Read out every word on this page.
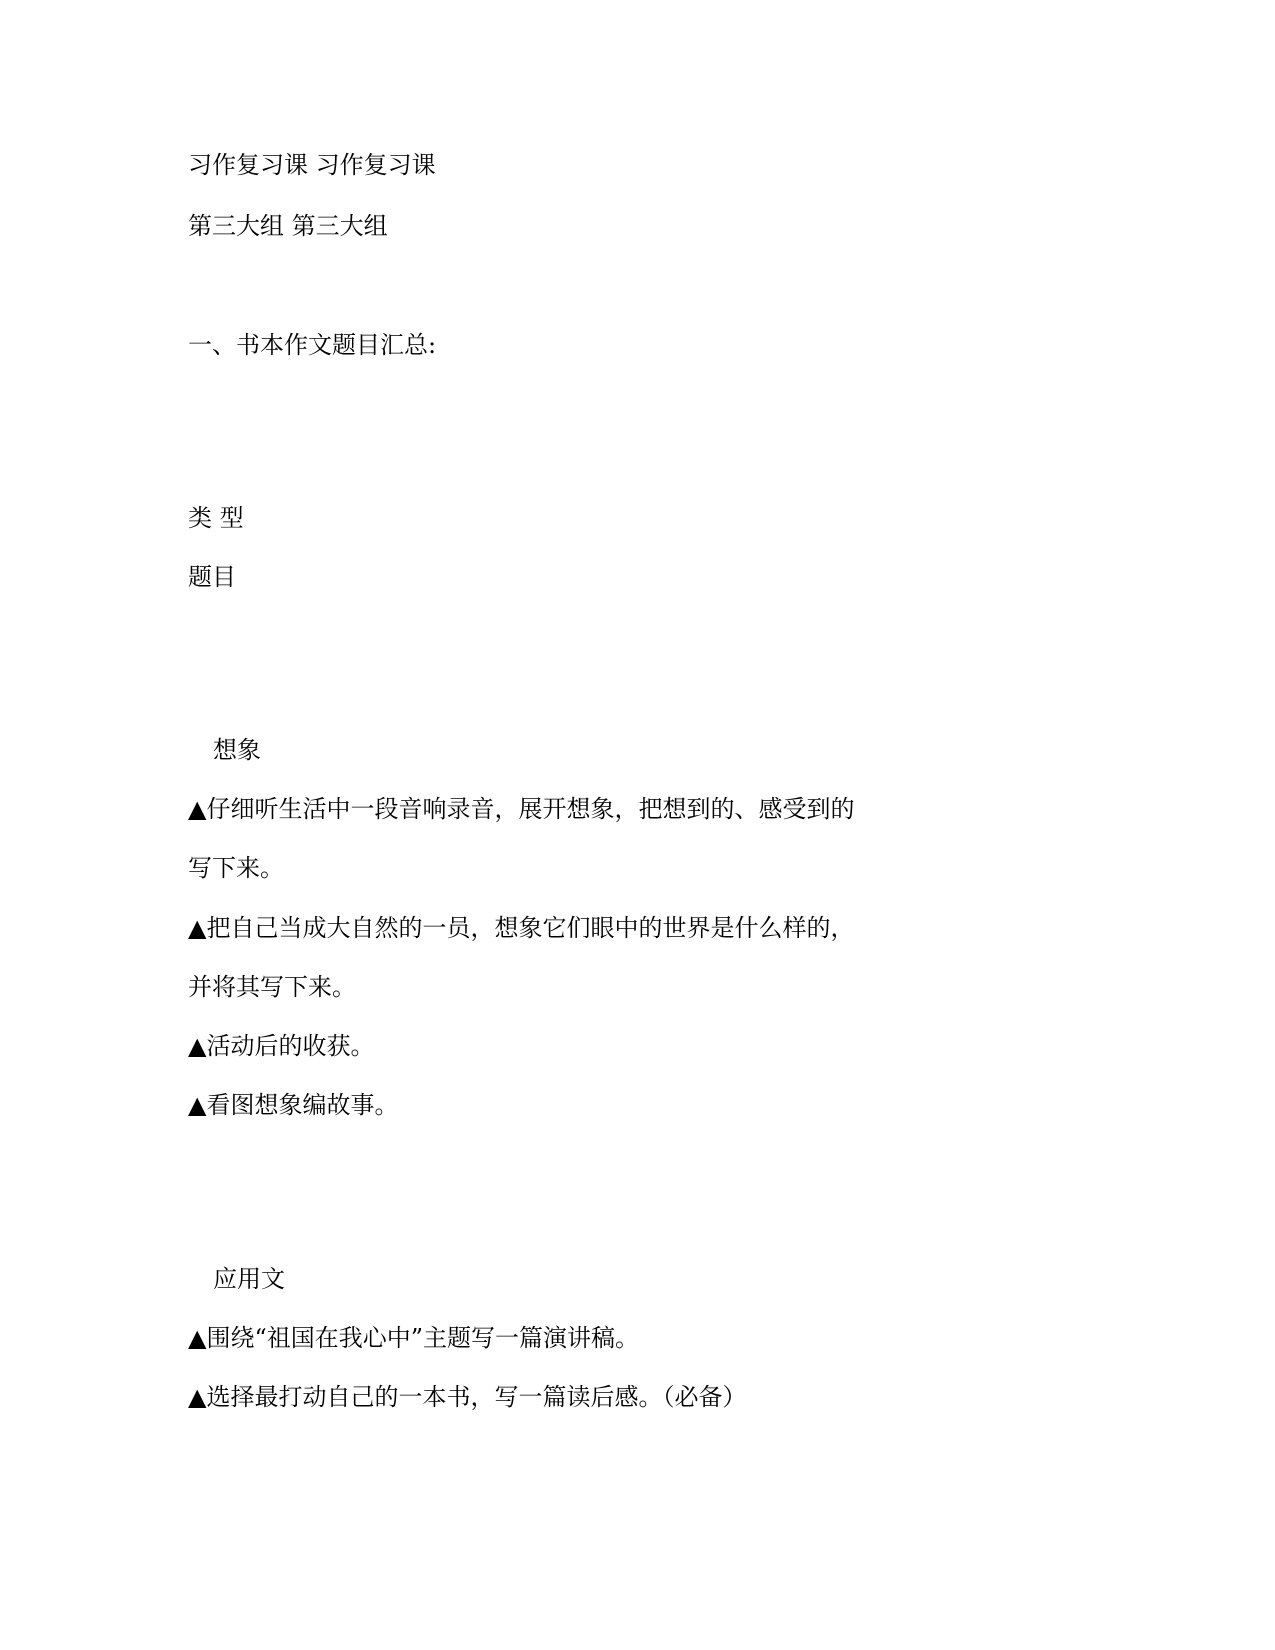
习作复习课 习作复习课
第三大组 第三大组
一、书本作文题目汇总:
类 型
题目
想象
▲仔细听生活中一段音响录音，展开想象，把想到的、感受到的
写下来。
▲把自己当成大自然的一员，想象它们眼中的世界是什么样的，
并将其写下来。
▲活动后的收获。
▲看图想象编故事。
应用文
▲围绕“祖国在我心中”主题写一篇演讲稿。
▲选择最打动自己的一本书，写一篇读后感。（必备）
